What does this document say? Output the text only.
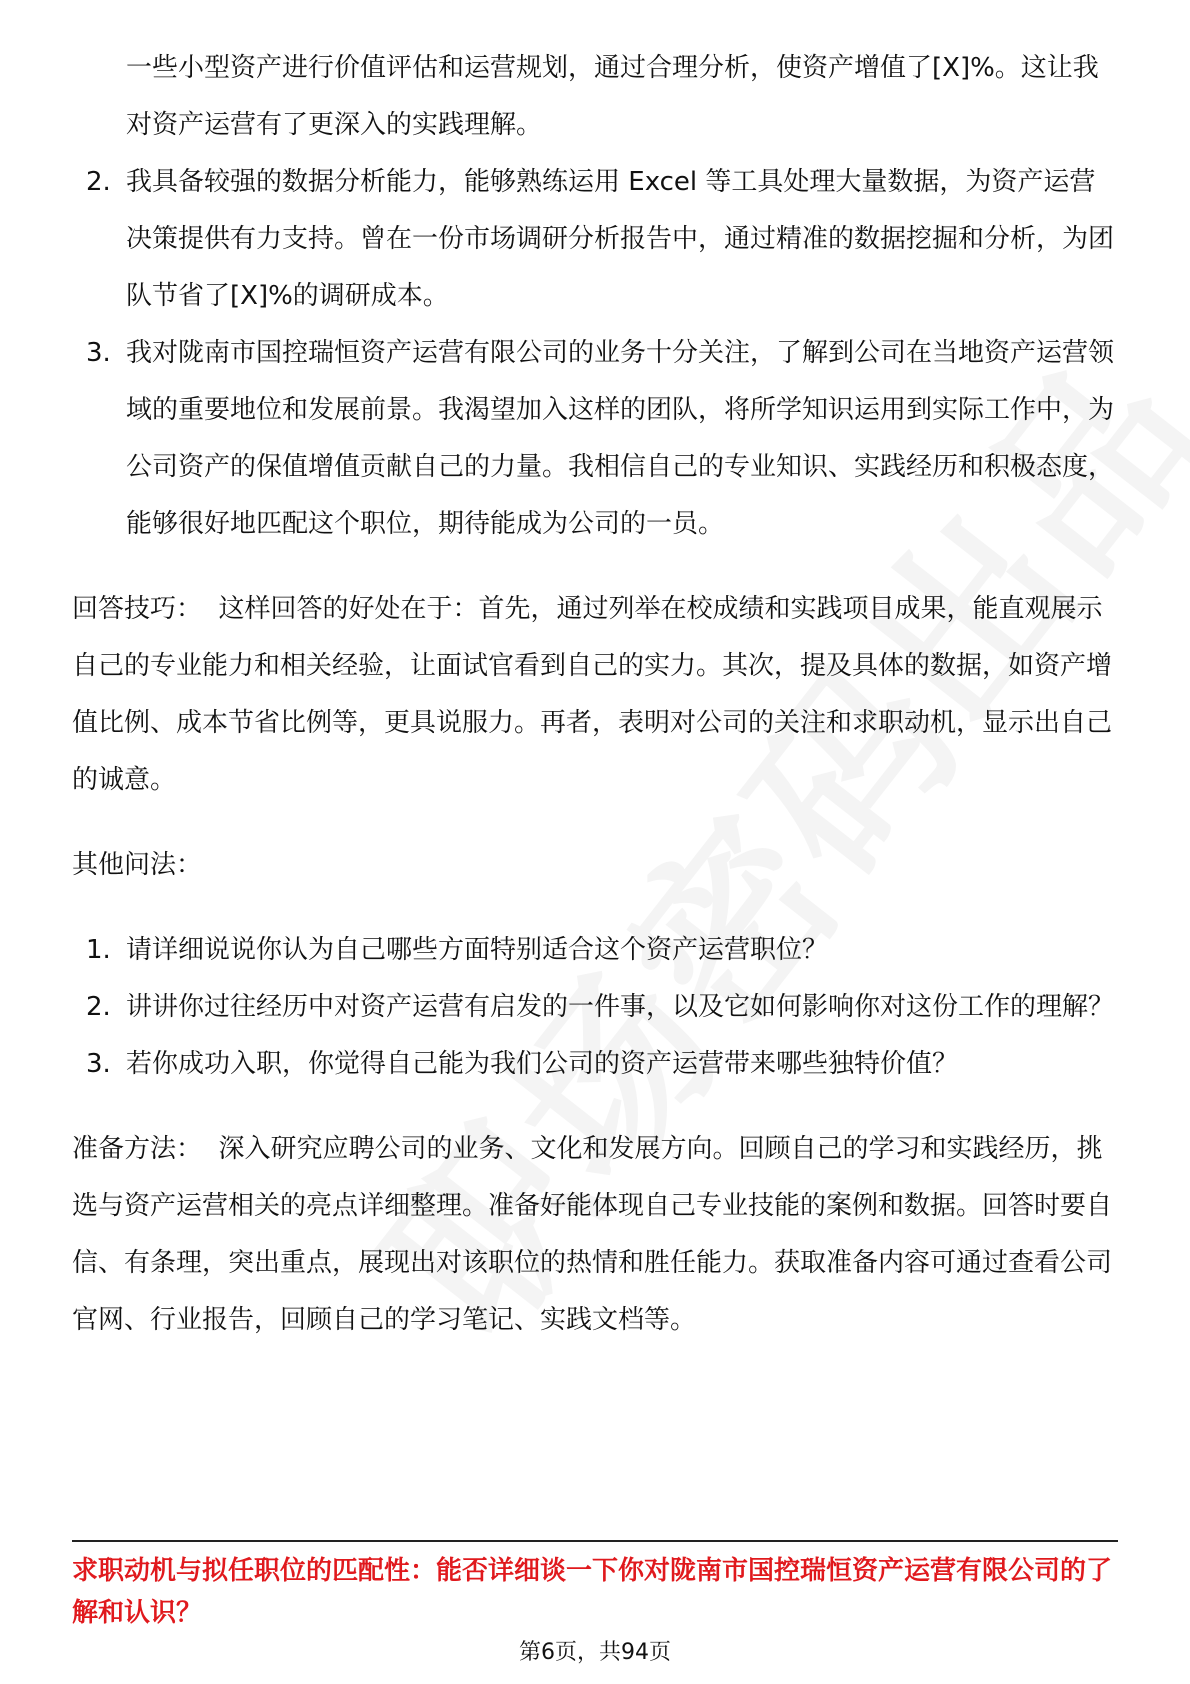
一些小型资产进行价值评估和运营规划，通过合理分析，使资产增值了[X]%。这让我对资产运营有了更深入的实践理解。

2. 我具备较强的数据分析能力，能够熟练运用 Excel 等工具处理大量数据，为资产运营决策提供有力支持。曾在一份市场调研分析报告中，通过精准的数据挖掘和分析，为团队节省了[X]%的调研成本。
3. 我对陇南市国控瑞恒资产运营有限公司的业务十分关注，了解到公司在当地资产运营领域的重要地位和发展前景。我渴望加入这样的团队，将所学知识运用到实际工作中，为公司资产的保值增值贡献自己的力量。我相信自己的专业知识、实践经历和积极态度，能够很好地匹配这个职位，期待能成为公司的一员。

回答技巧： 这样回答的好处在于：首先，通过列举在校成绩和实践项目成果，能直观展示自己的专业能力和相关经验，让面试官看到自己的实力。其次，提及具体的数据，如资产增值比例、成本节省比例等，更具说服力。再者，表明对公司的关注和求职动机，显示出自己的诚意。

其他问法：

1. 请详细说说你认为自己哪些方面特别适合这个资产运营职位？
2. 讲讲你过往经历中对资产运营有启发的一件事，以及它如何影响你对这份工作的理解？
3. 若你成功入职，你觉得自己能为我们公司的资产运营带来哪些独特价值？

准备方法： 深入研究应聘公司的业务、文化和发展方向。回顾自己的学习和实践经历，挑选与资产运营相关的亮点详细整理。准备好能体现自己专业技能的案例和数据。回答时要自信、有条理，突出重点，展现出对该职位的热情和胜任能力。获取准备内容可通过查看公司官网、行业报告，回顾自己的学习笔记、实践文档等。

求职动机与拟任职位的匹配性：能否详细谈一下你对陇南市国控瑞恒资产运营有限公司的了解和认识？

第6页，共94页
